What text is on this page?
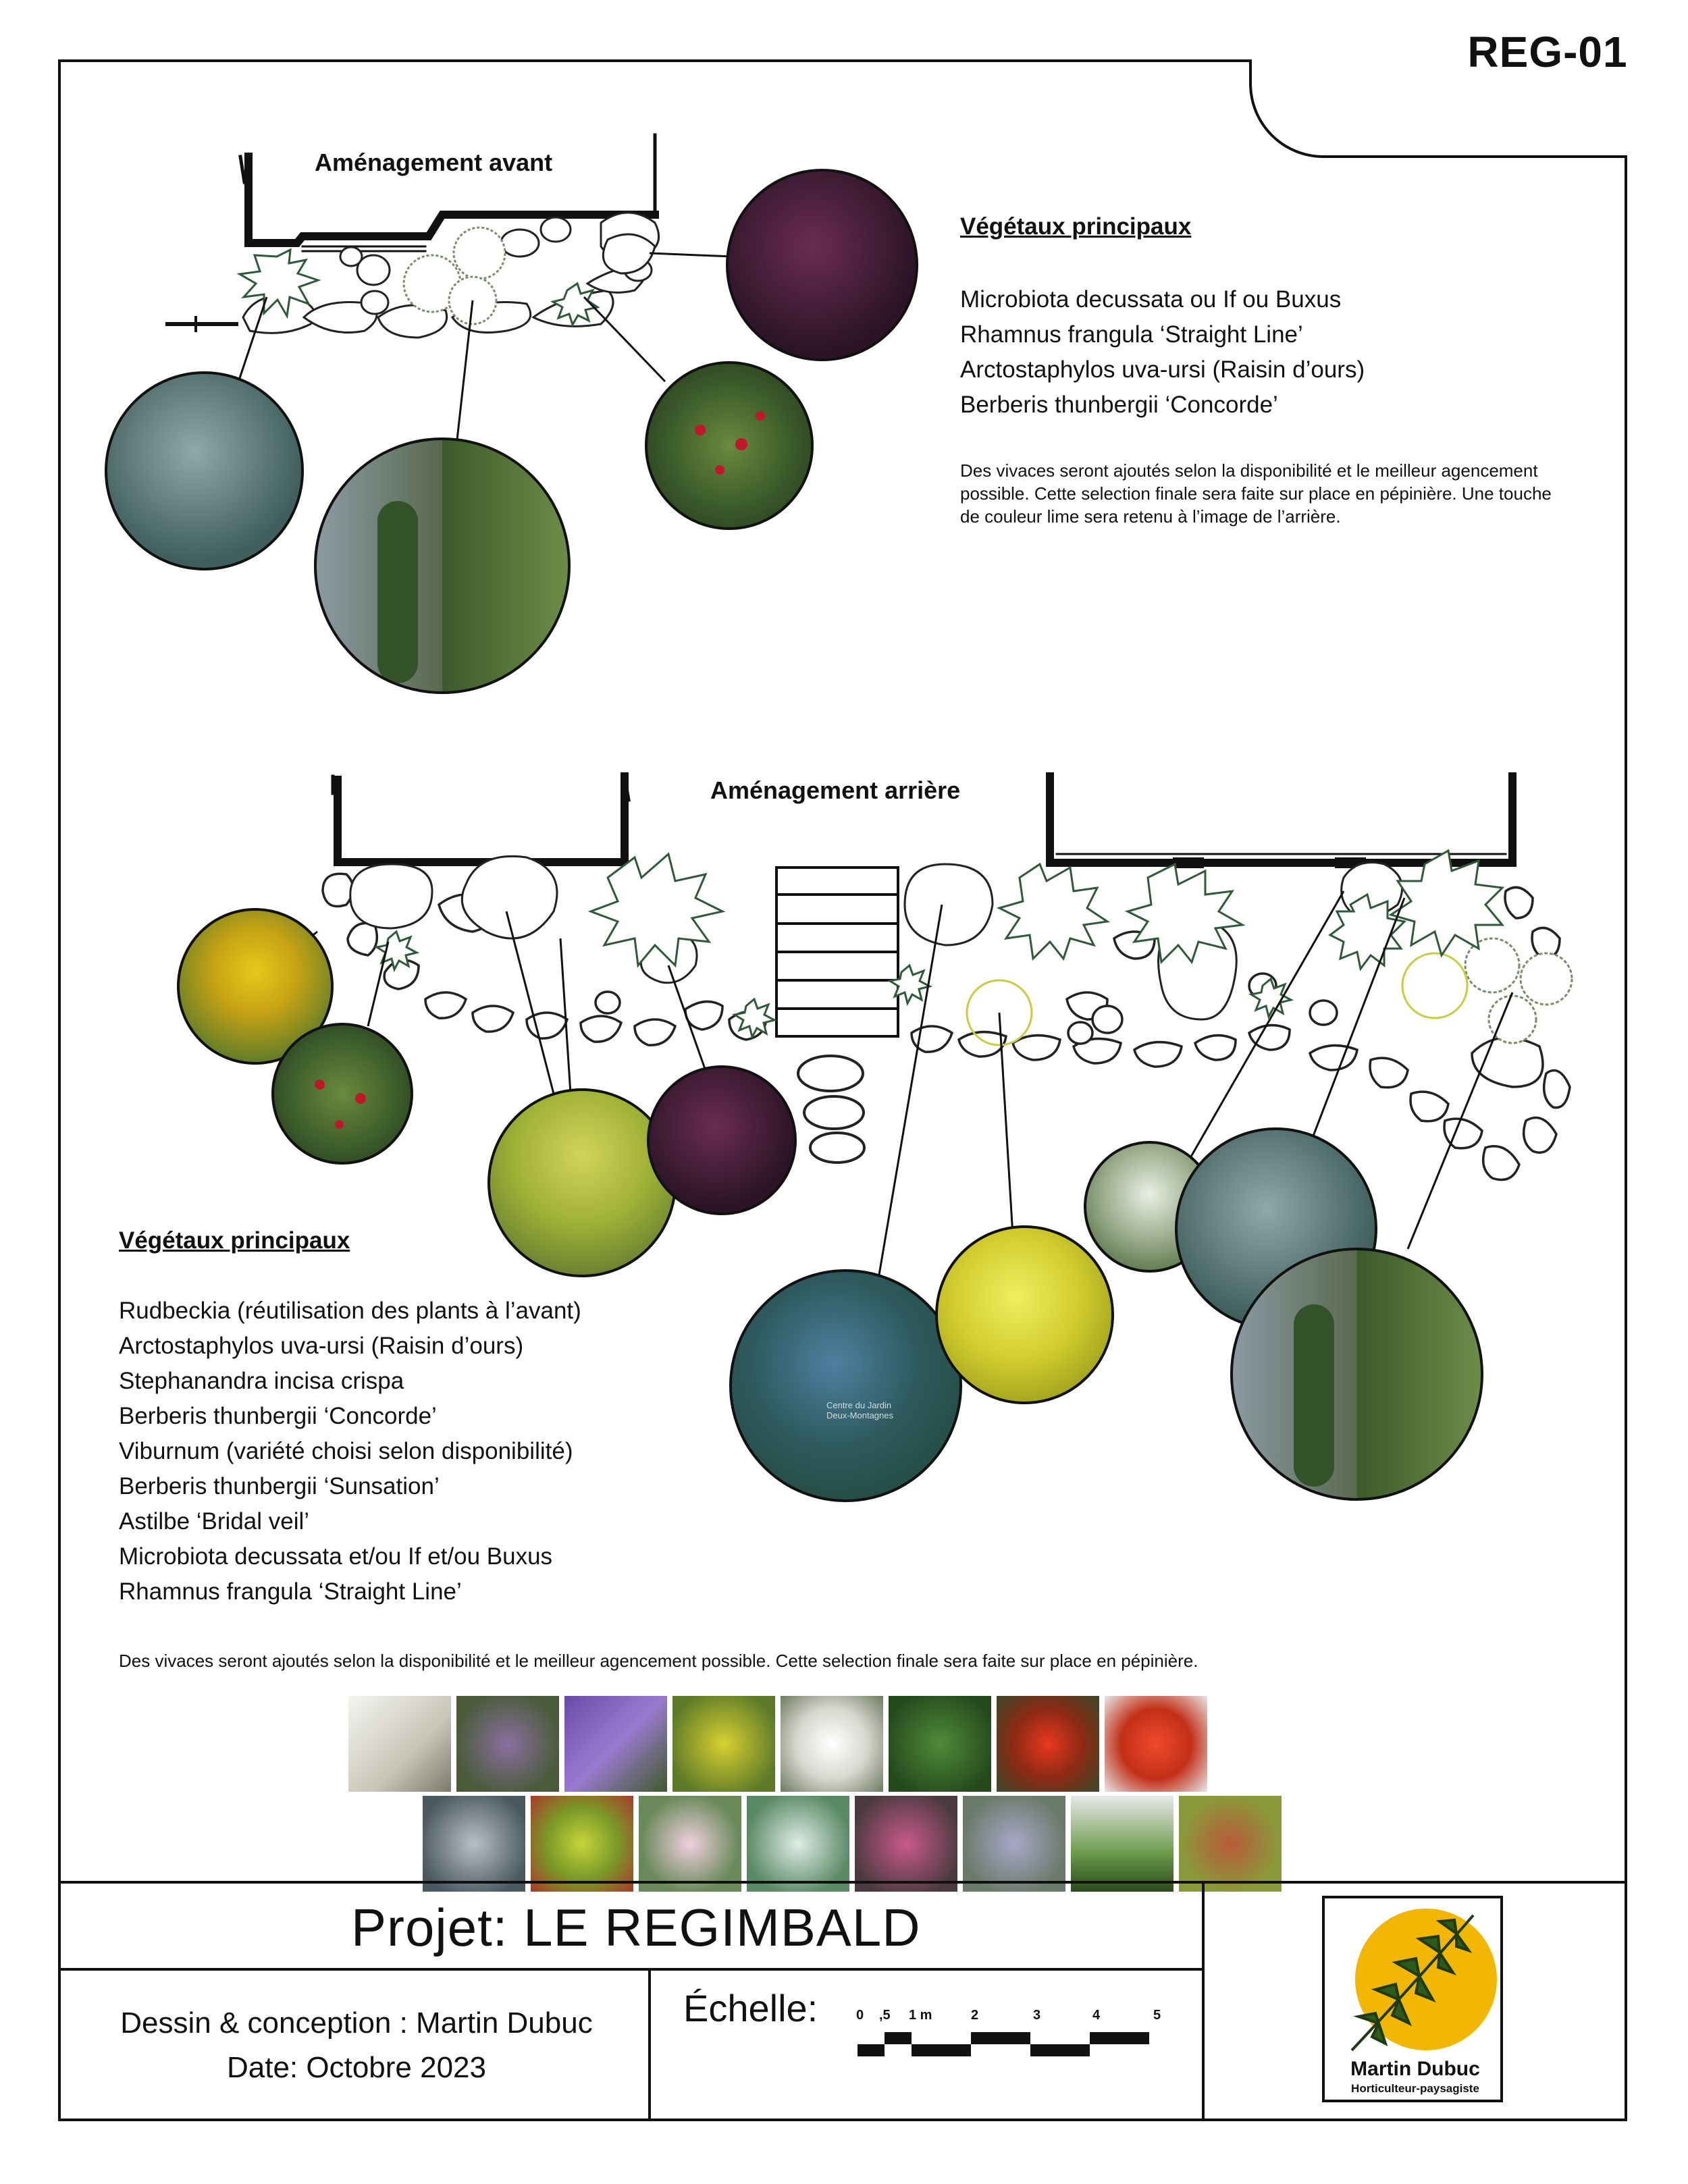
REG-01
Centre du Jardin
Deux-Montagnes
Aménagement avant
Aménagement arrière
Végétaux principaux
Microbiota decussata ou If ou Buxus
Rhamnus frangula ‘Straight Line’
Arctostaphylos uva-ursi (Raisin d’ours)
Berberis thunbergii ‘Concorde’
Des vivaces seront ajoutés selon la disponibilité et le meilleur agencement possible. Cette selection finale sera faite sur place en pépinière. Une touche de couleur lime sera retenu à l’image de l’arrière.
Végétaux principaux
Rudbeckia (réutilisation des plants à l’avant)
Arctostaphylos uva-ursi (Raisin d’ours)
Stephanandra incisa crispa
Berberis thunbergii ‘Concorde’
Viburnum (variété choisi selon disponibilité)
Berberis thunbergii ‘Sunsation’
Astilbe ‘Bridal veil’
Microbiota decussata et/ou If et/ou Buxus
Rhamnus frangula ‘Straight Line’
Des vivaces seront ajoutés selon la disponibilité et le meilleur agencement possible. Cette selection finale sera faite sur place en pépinière.
Projet: LE REGIMBALD
Dessin & conception : Martin Dubuc
Date: Octobre 2023
Échelle:	0 ,5 1 m	2	3	4	5
Martin Dubuc
Horticulteur-paysagiste
